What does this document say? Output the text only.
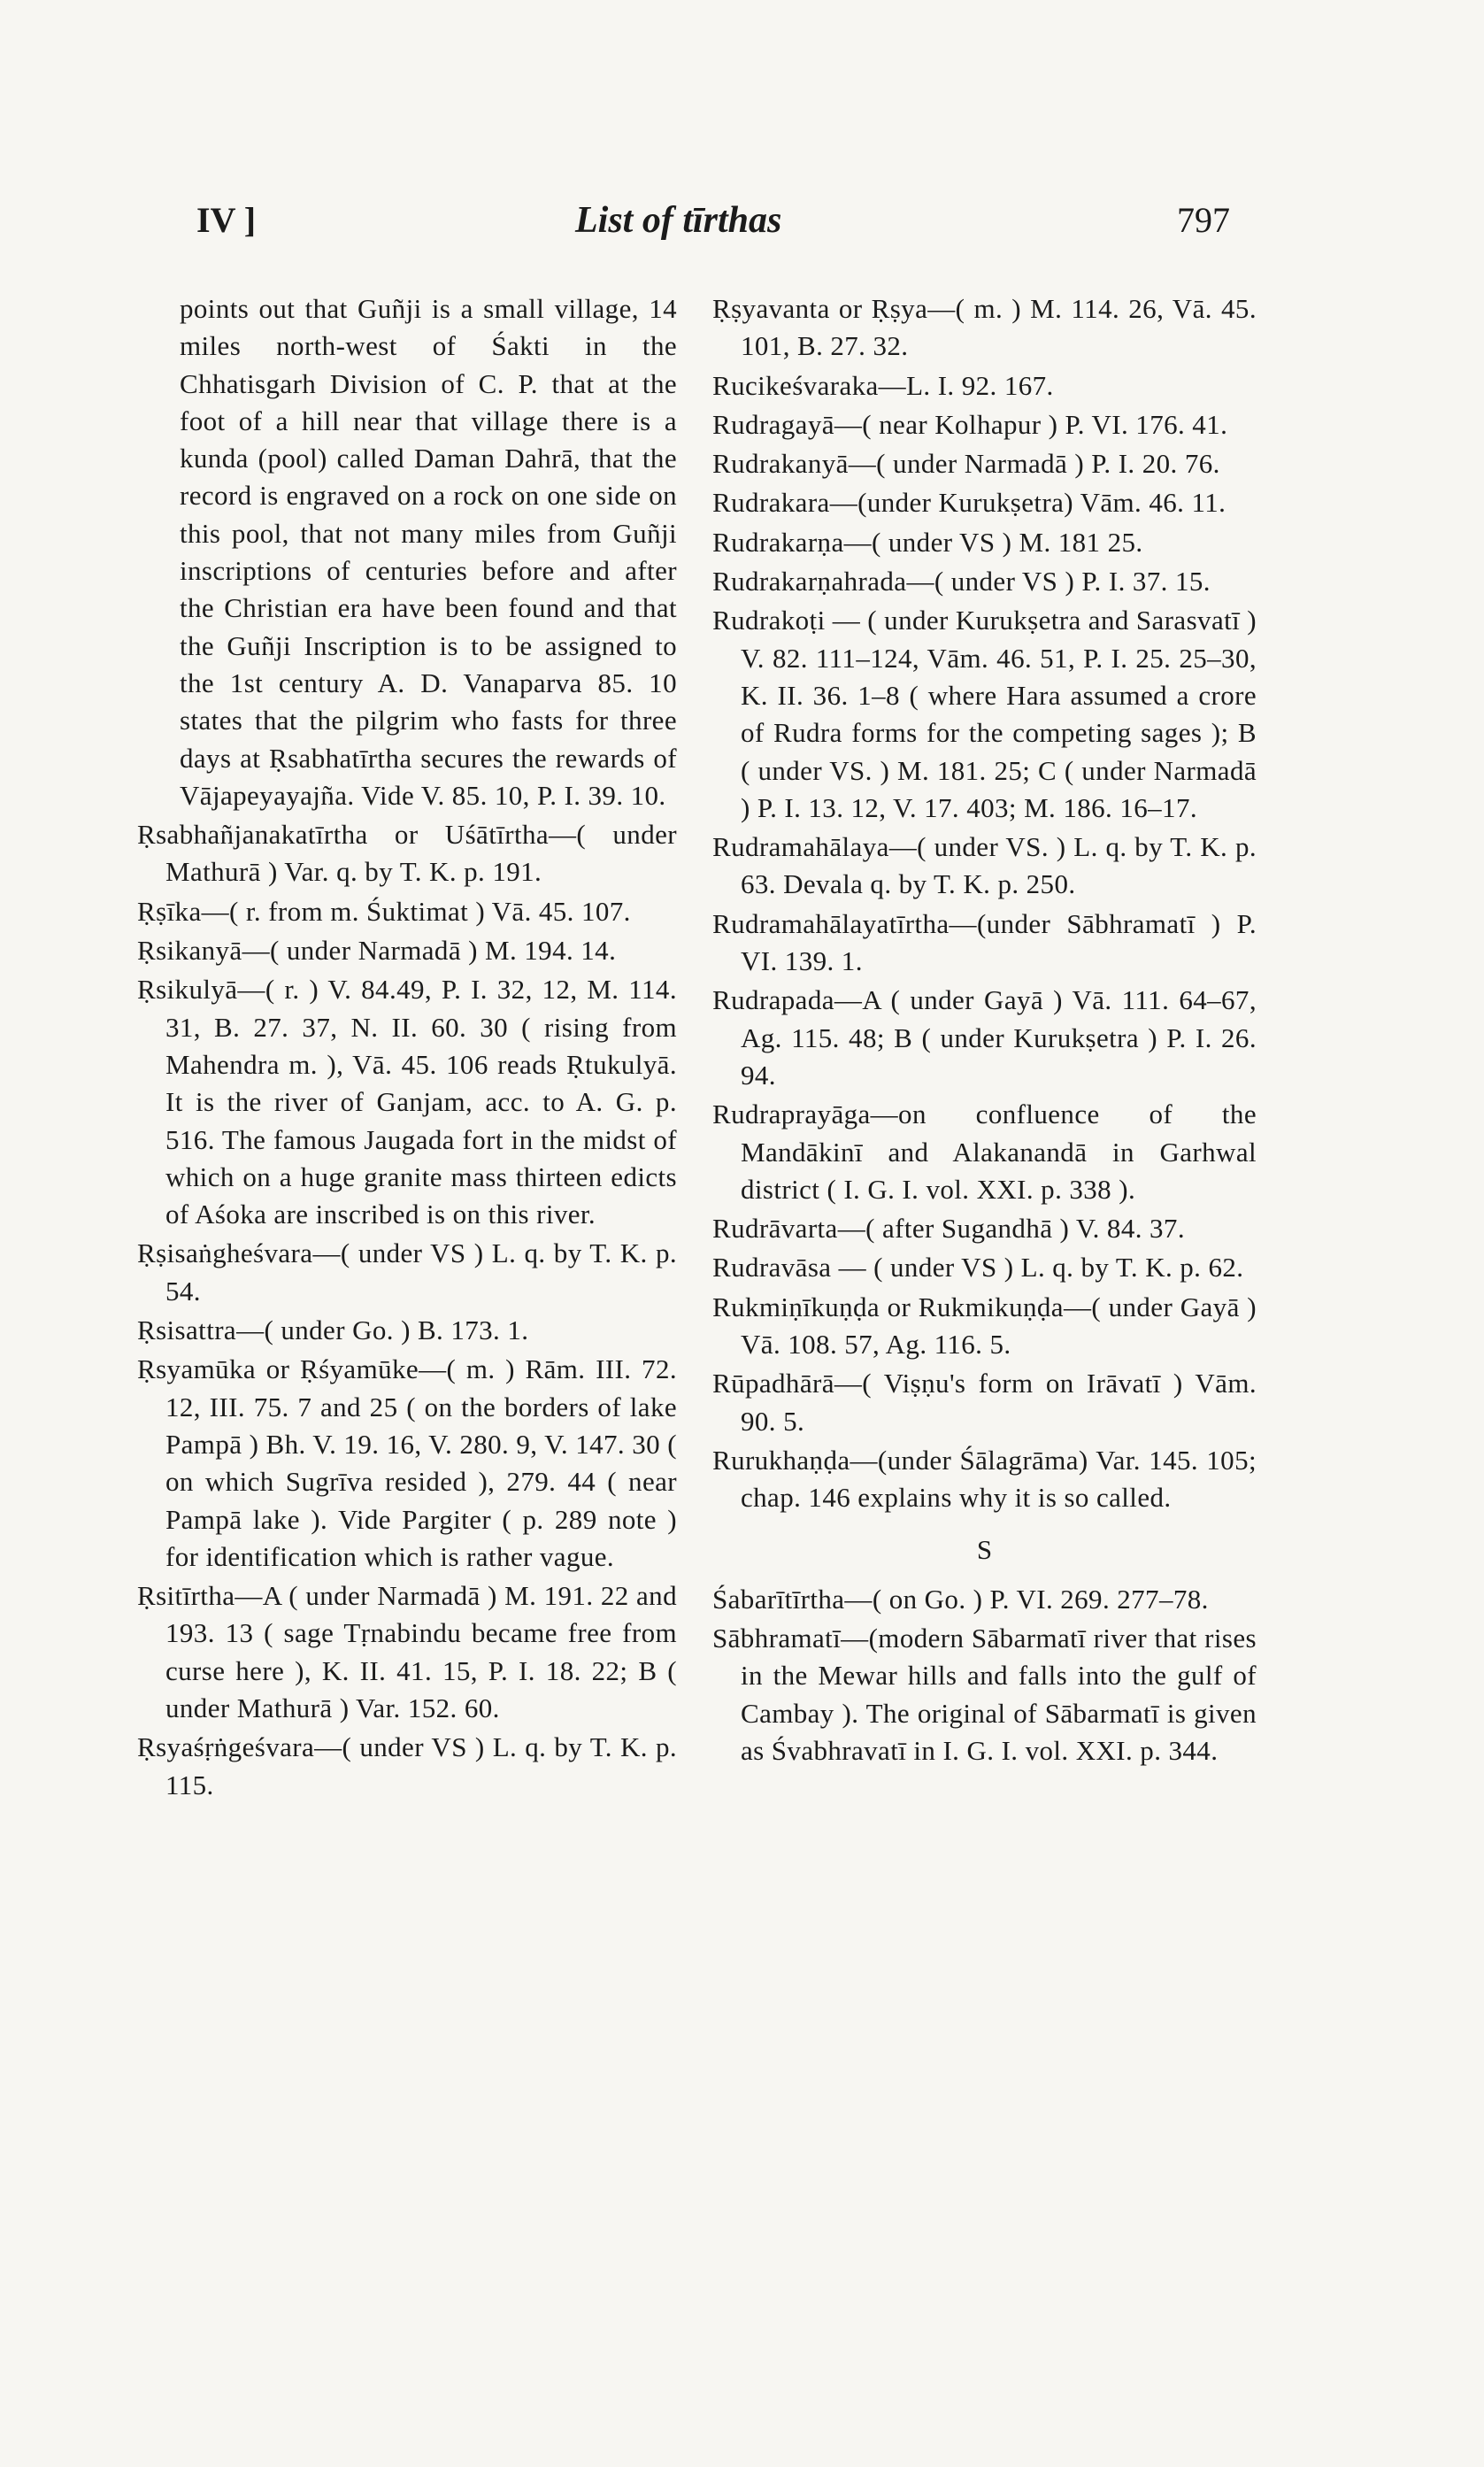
IV ]	List of tīrthas	797

points out that Guñji is a small village, 14 miles north-west of Śakti in the Chhatisgarh Division of C. P. that at the foot of a hill near that village there is a kunda (pool) called Daman Dahrā, that the record is engraved on a rock on one side on this pool, that not many miles from Guñji inscriptions of centuries before and after the Christian era have been found and that the Guñji Inscription is to be assigned to the 1st century A. D. Vanaparva 85. 10 states that the pilgrim who fasts for three days at Ṛsabhatīrtha secures the rewards of Vājapeyayajña. Vide V. 85. 10, P. I. 39. 10.

Ṛsabhañjanakatīrtha or Uśātīrtha—( under Mathurā ) Var. q. by T. K. p. 191.

Ṛṣīka—( r. from m. Śuktimat ) Vā. 45. 107.

Ṛsikanyā—( under Narmadā ) M. 194. 14.

Ṛsikulyā—( r. ) V. 84.49, P. I. 32, 12, M. 114. 31, B. 27. 37, N. II. 60. 30 ( rising from Mahendra m. ), Vā. 45. 106 reads Ṛtukulyā. It is the river of Ganjam, acc. to A. G. p. 516. The famous Jaugada fort in the midst of which on a huge granite mass thirteen edicts of Aśoka are inscribed is on this river.

Ṛṣisaṅgheśvara—( under VS ) L. q. by T. K. p. 54.

Ṛsisattra—( under Go. ) B. 173. 1.

Ṛsyamūka or Ṛśyamūke—( m. ) Rām. III. 72. 12, III. 75. 7 and 25 ( on the borders of lake Pampā ) Bh. V. 19. 16, V. 280. 9, V. 147. 30 ( on which Sugrīva resided ), 279. 44 ( near Pampā lake ). Vide Pargiter ( p. 289 note ) for identification which is rather vague.

Ṛsitīrtha—A ( under Narmadā ) M. 191. 22 and 193. 13 ( sage Tṛnabindu became free from curse here ), K. II. 41. 15, P. I. 18. 22; B ( under Mathurā ) Var. 152. 60.

Ṛsyaśṛṅgeśvara—( under VS ) L. q. by T. K. p. 115.

Ṛṣyavanta or Ṛṣya—( m. ) M. 114. 26, Vā. 45. 101, B. 27. 32.

Rucikeśvaraka—L. I. 92. 167.

Rudragayā—( near Kolhapur ) P. VI. 176. 41.

Rudrakanyā—( under Narmadā ) P. I. 20. 76.

Rudrakara—(under Kurukṣetra) Vām. 46. 11.

Rudrakarṇa—( under VS ) M. 181 25.

Rudrakarṇahrada—( under VS ) P. I. 37. 15.

Rudrakoṭi — ( under Kurukṣetra and Sarasvatī ) V. 82. 111–124, Vām. 46. 51, P. I. 25. 25–30, K. II. 36. 1–8 ( where Hara assumed a crore of Rudra forms for the competing sages ); B ( under VS. ) M. 181. 25; C ( under Narmadā ) P. I. 13. 12, V. 17. 403; M. 186. 16–17.

Rudramahālaya—( under VS. ) L. q. by T. K. p. 63. Devala q. by T. K. p. 250.

Rudramahālayatīrtha—(under Sābhramatī ) P. VI. 139. 1.

Rudrapada—A ( under Gayā ) Vā. 111. 64–67, Ag. 115. 48; B ( under Kurukṣetra ) P. I. 26. 94.

Rudraprayāga—on confluence of the Mandākinī and Alakanandā in Garhwal district ( I. G. I. vol. XXI. p. 338 ).

Rudrāvarta—( after Sugandhā ) V. 84. 37.

Rudravāsa — ( under VS ) L. q. by T. K. p. 62.

Rukmiṇīkuṇḍa or Rukmikuṇḍa—( under Gayā ) Vā. 108. 57, Ag. 116. 5.

Rūpadhārā—( Viṣṇu's form on Irāvatī ) Vām. 90. 5.

Rurukhaṇḍa—(under Śālagrāma) Var. 145. 105; chap. 146 explains why it is so called.

S

Śabarītīrtha—( on Go. ) P. VI. 269. 277–78.

Sābhramatī—(modern Sābarmatī river that rises in the Mewar hills and falls into the gulf of Cambay ). The original of Sābarmatī is given as Śvabhravatī in I. G. I. vol. XXI. p. 344.
